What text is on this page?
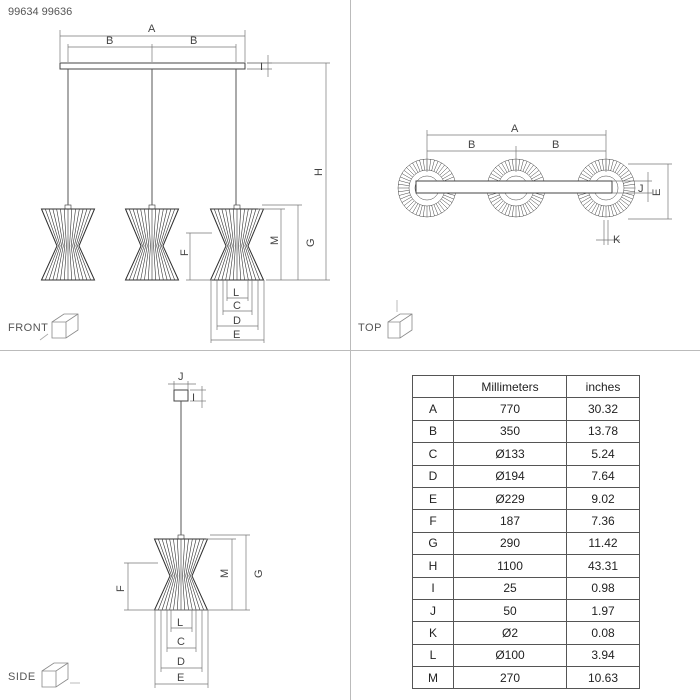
99634 99636
A
B	B
I
H
G
M
F
L
C
D
E
A
B	B
J E
K
J
I
G
M
F
L
C
D
E
FRONT	TOP
SIDE
	Millimeters	inches
A	770	30.32
B	350	13.78
C	Ø133	5.24
D	Ø194	7.64
E	Ø229	9.02
F	187	7.36
G	290	11.42
H	1100	43.31
I	25	0.98
J	50	1.97
K	Ø2	0.08
L	Ø100	3.94
M	270	10.63
